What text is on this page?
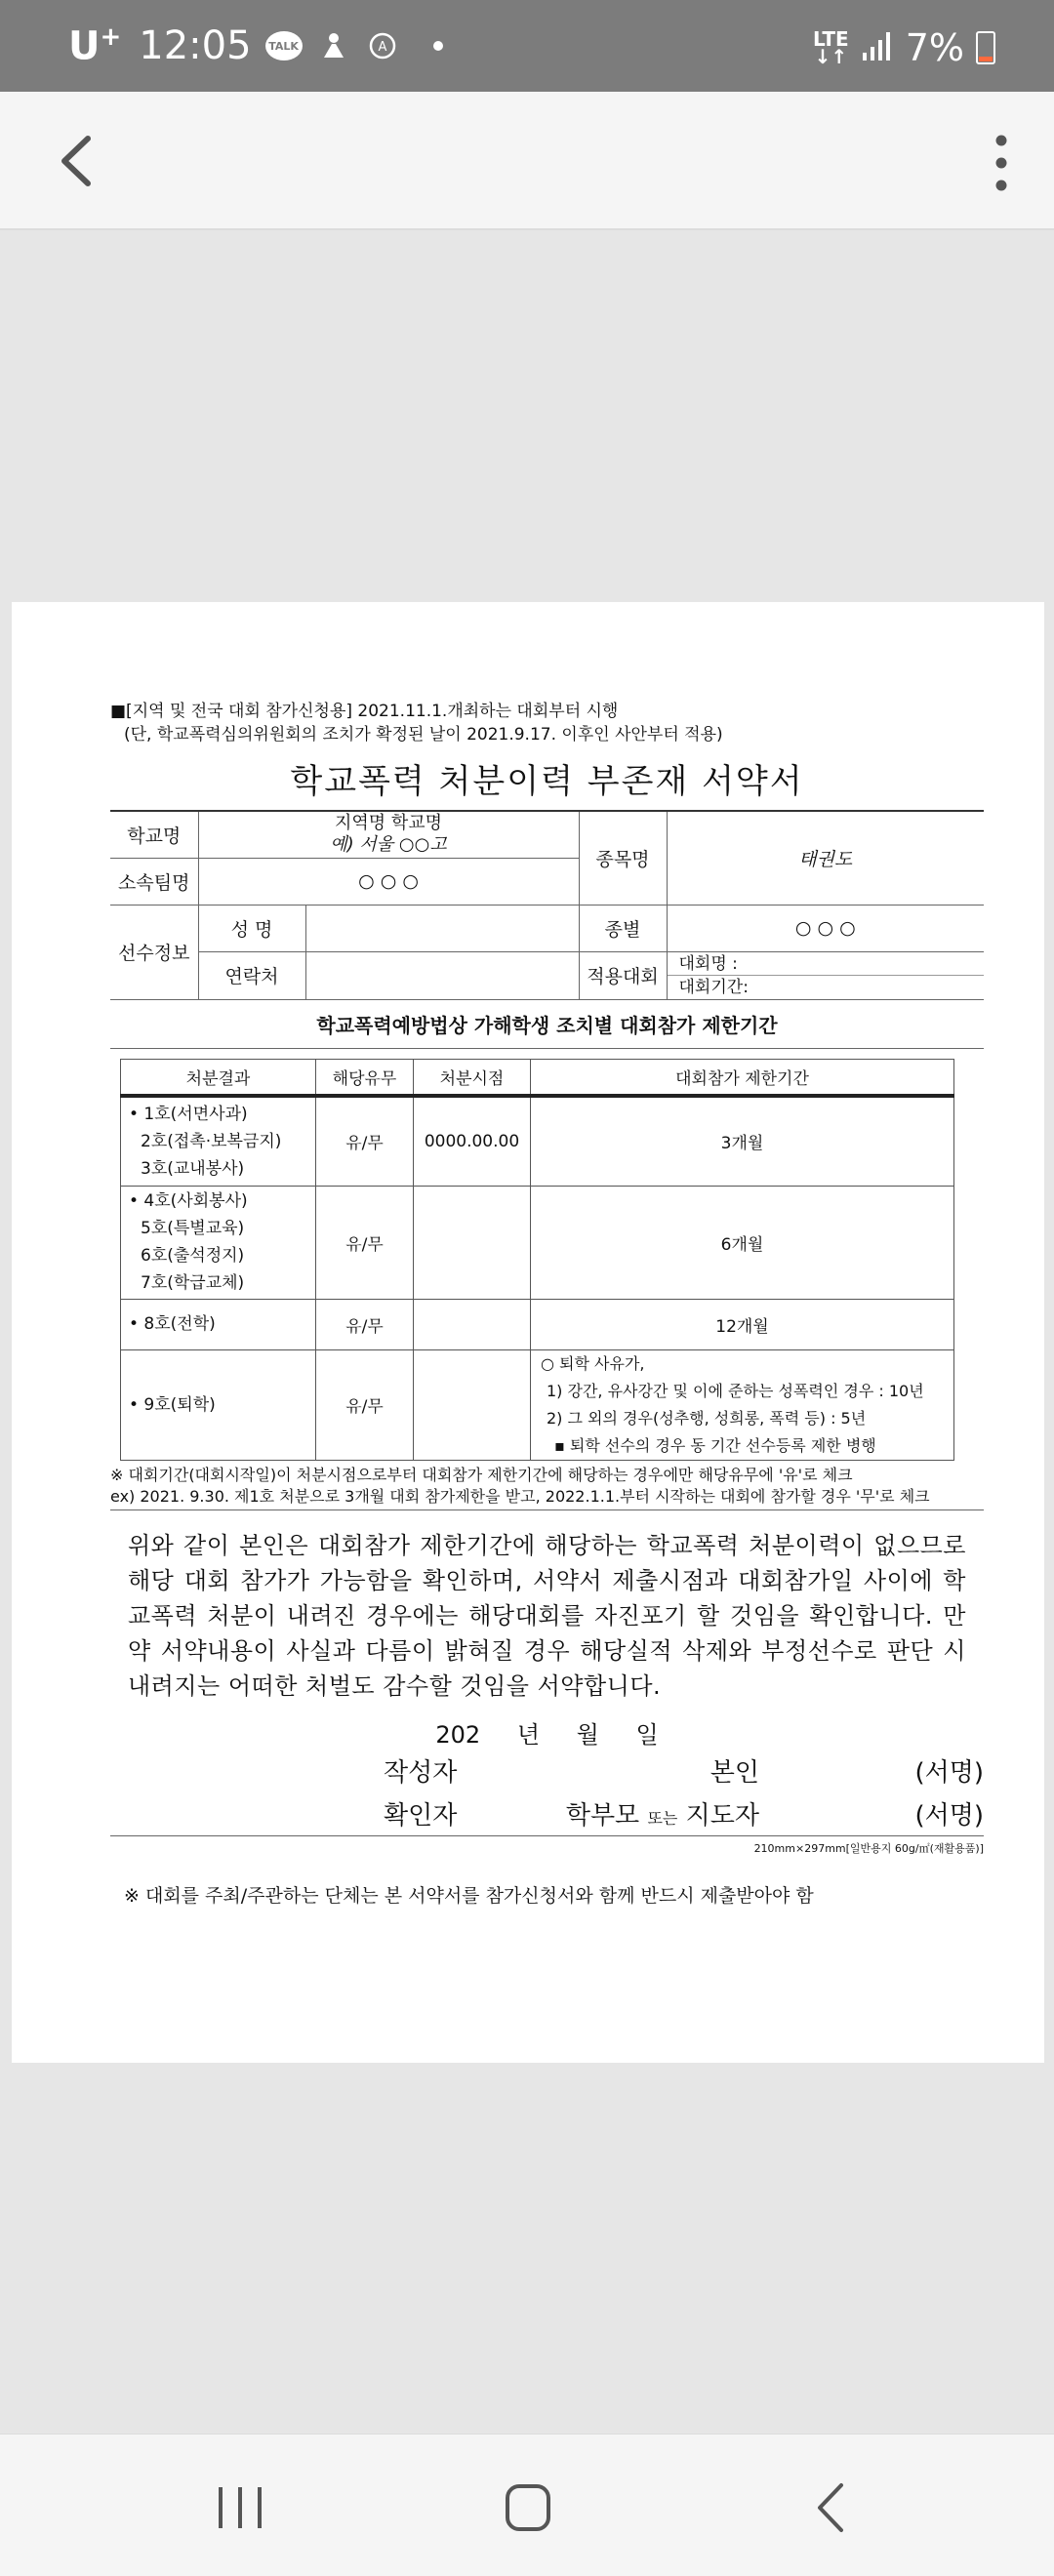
U+ 12:05	TALK	A	LTE
↓↑ 7%
■[지역 및 전국 대회 참가신청용] 2021.11.1.개최하는 대회부터 시행
(단, 학교폭력심의위원회의 조치가 확정된 날이 2021.9.17. 이후인 사안부터 적용)
학교폭력 처분이력 부존재 서약서
학교명	지역명 학교명
예) 서울 ○○고		종목명	태권도
소속팀명	○ ○ ○			
선수정보	성 명		종별	○ ○ ○
	연락처		적용대회	대회명 :
대회기간:
학교폭력예방법상 가해학생 조치별 대회참가 제한기간
처분결과	해당유무	처분시점	대회참가 제한기간

• 1호(서면사과)
2호(접촉·보복금지)
3호(교내봉사)	유/무	0000.00.00	3개월

• 4호(사회봉사)
5호(특별교육)
6호(출석정지)
7호(학급교체)	유/무		6개월
• 8호(전학)	유/무		12개월
• 9호(퇴학)	유/무		○ 퇴학 사유가,
1) 강간, 유사강간 및 이에 준하는 성폭력인 경우 : 10년
2) 그 외의 경우(성추행, 성희롱, 폭력 등) : 5년
▪ 퇴학 선수의 경우 동 기간 선수등록 제한 병행
※ 대회기간(대회시작일)이 처분시점으로부터 대회참가 제한기간에 해당하는 경우에만 해당유무에 '유'로 체크
ex) 2021. 9.30. 제1호 처분으로 3개월 대회 참가제한을 받고, 2022.1.1.부터 시작하는 대회에 참가할 경우 '무'로 체크
위와 같이 본인은 대회참가 제한기간에 해당하는 학교폭력 처분이력이 없으므로 해당 대회 참가가 가능함을 확인하며, 서약서 제출시점과 대회참가일 사이에 학교폭력 처분이 내려진 경우에는 해당대회를 자진포기 할 것임을 확인합니다. 만약 서약내용이 사실과 다름이 밝혀질 경우 해당실적 삭제와 부정선수로 판단 시 내려지는 어떠한 처벌도 감수할 것임을 서약합니다.
202 년 월 일
작성자	본인	(서명)
확인자	학부모 또는 지도자	(서명)
210mm×297mm[일반용지 60g/㎡(재활용품)]
※ 대회를 주최/주관하는 단체는 본 서약서를 참가신청서와 함께 반드시 제출받아야 함
